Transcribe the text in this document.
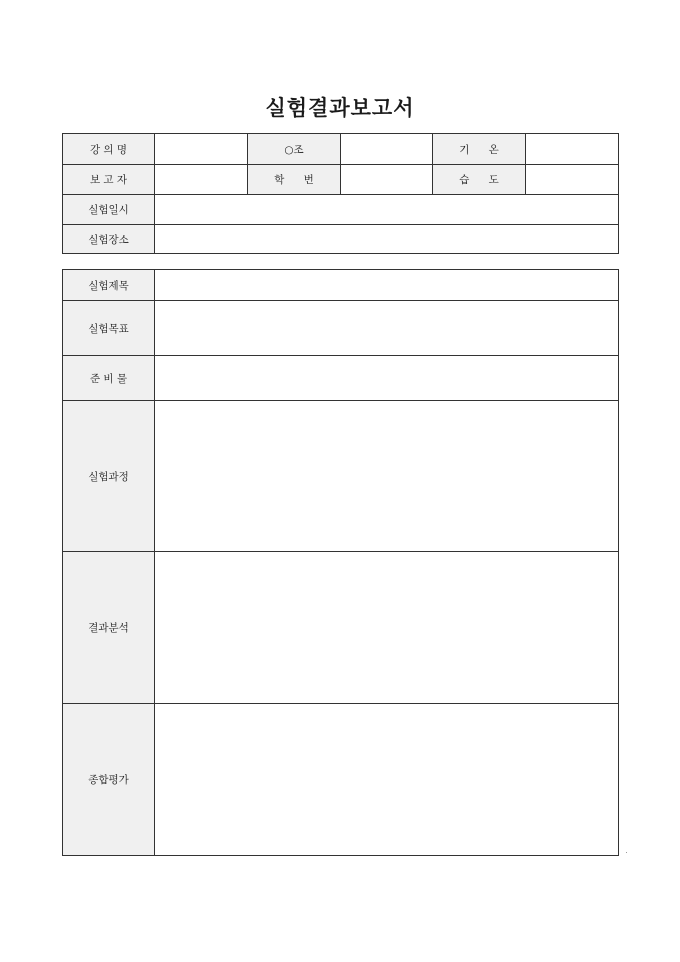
실험결과보고서
강 의 명		○조		기 온	
보 고 자		학 번		습 도	
실험일시					
실험장소					
실험제목	
실험목표	
준 비 물	
실험과정	
결과분석	
종합평가	
